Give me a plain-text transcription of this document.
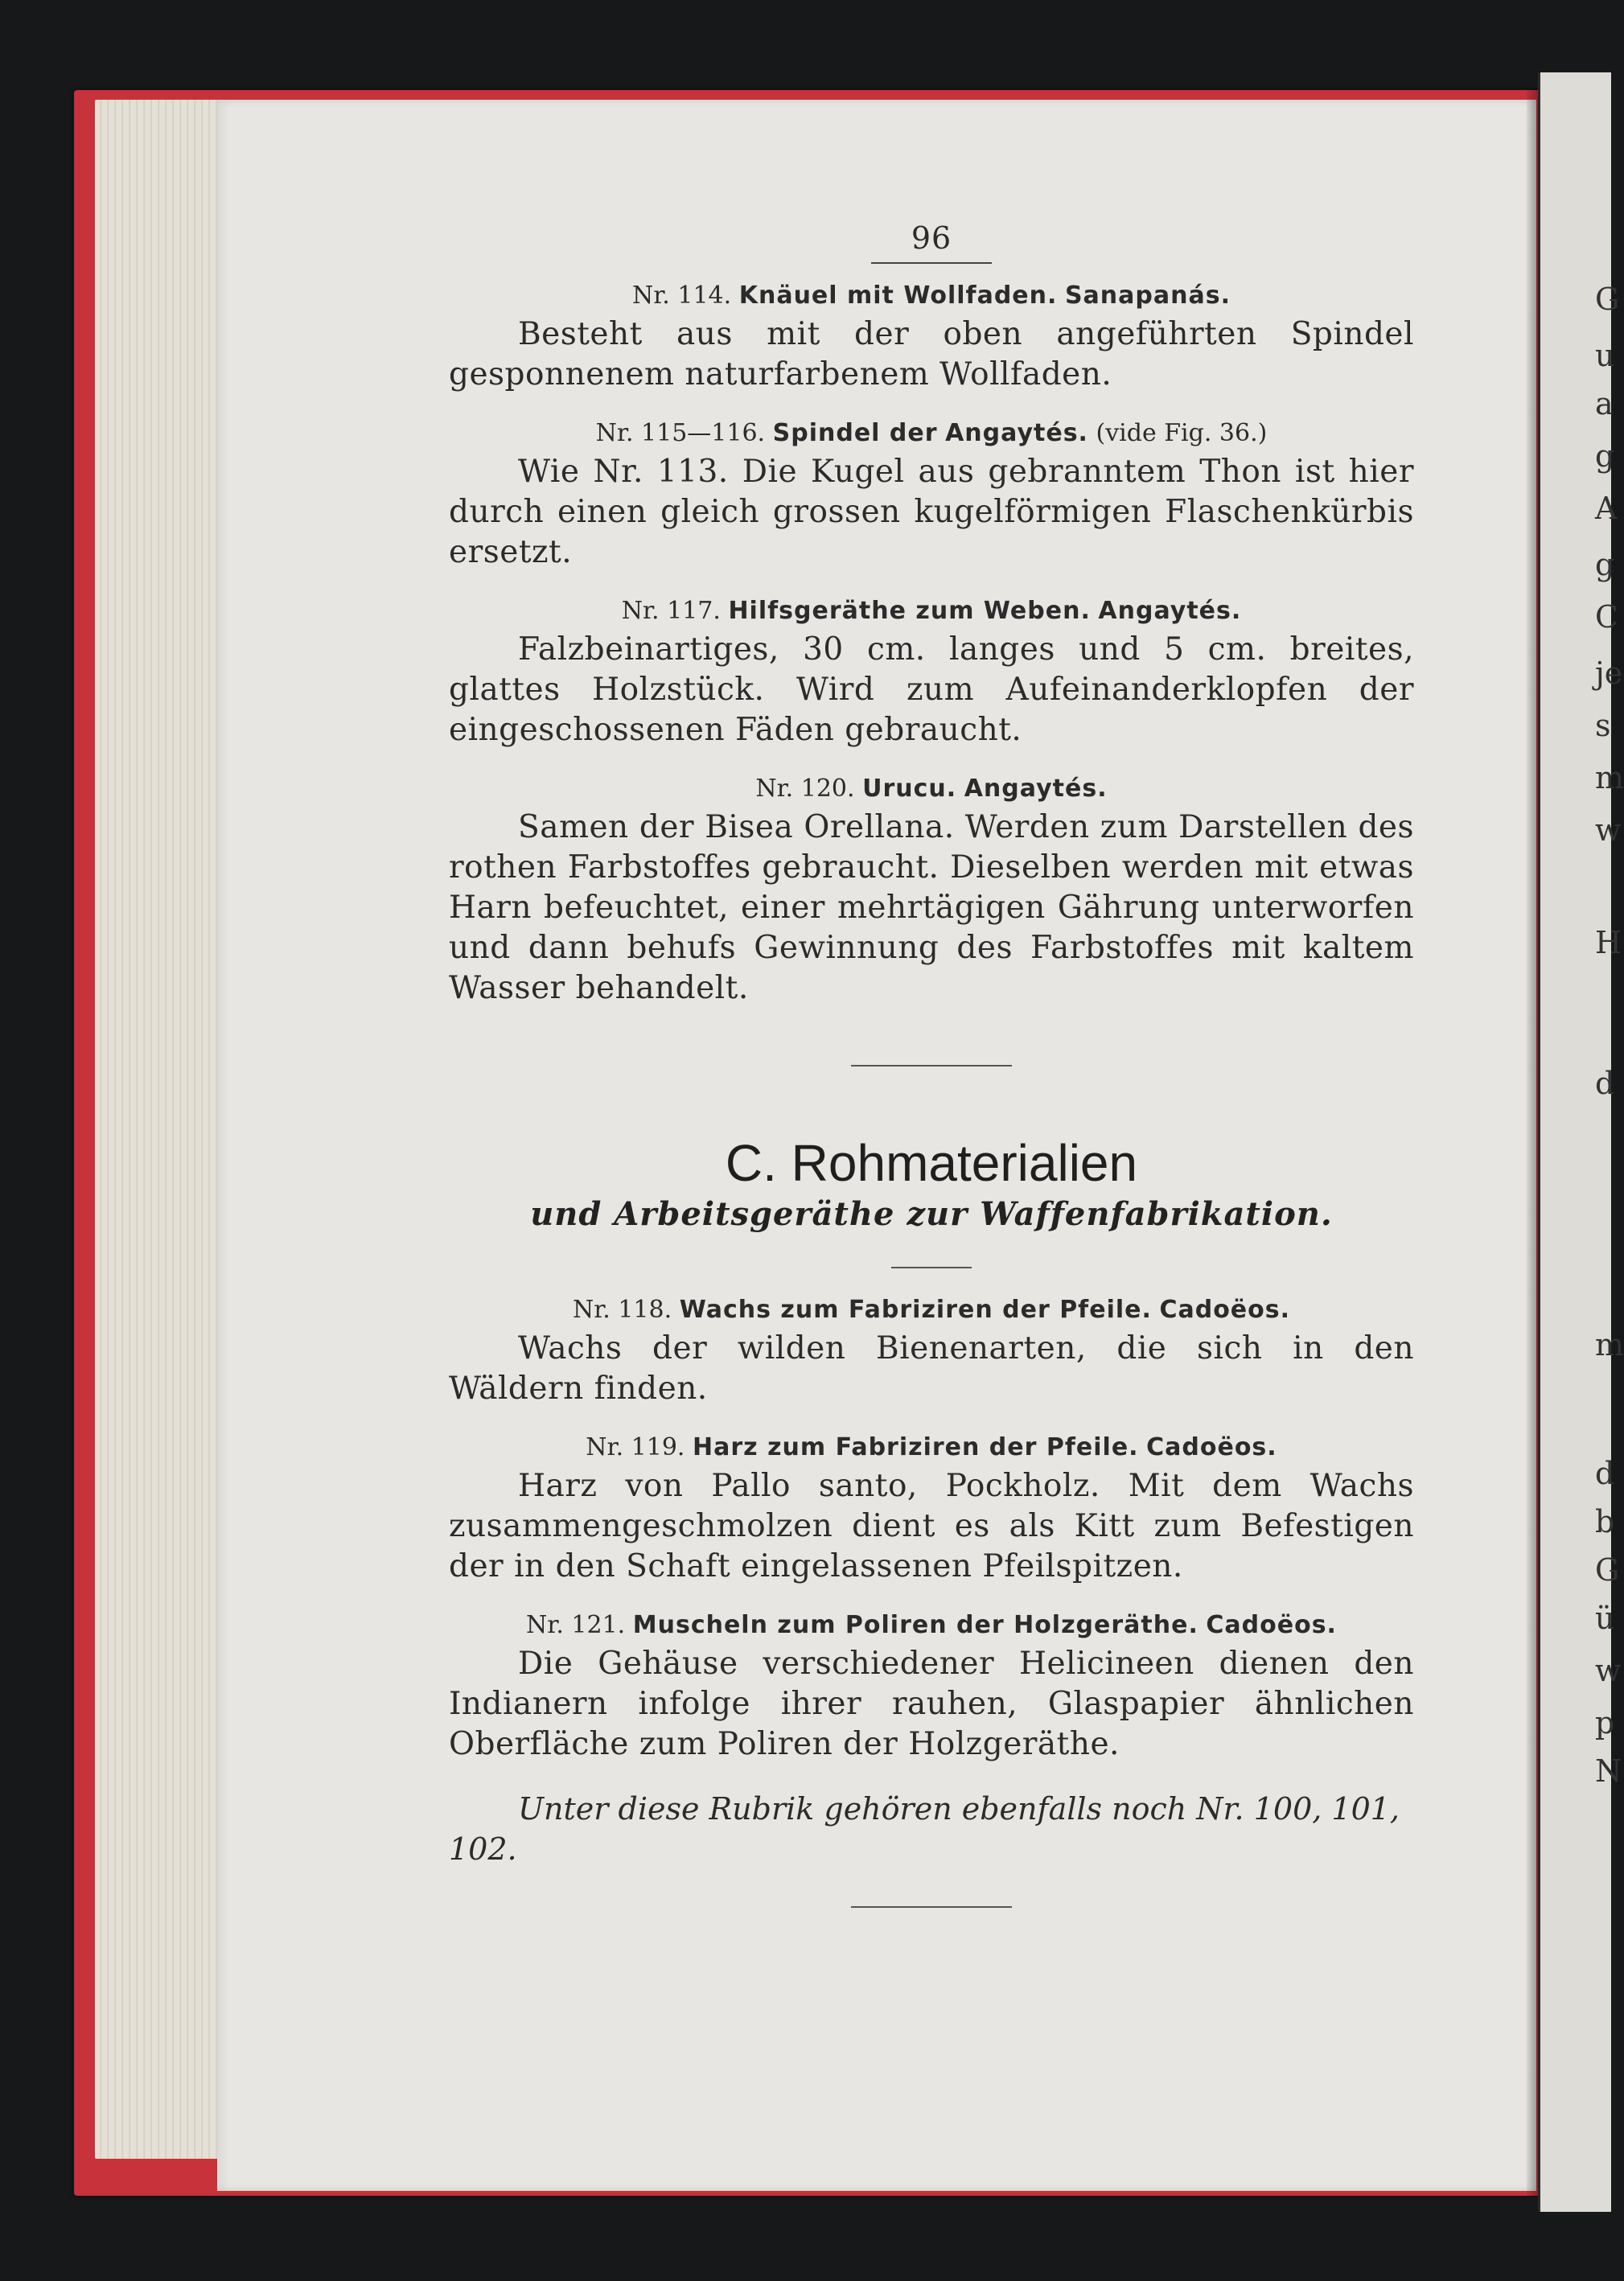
G
u
a
g
A
g
C
je
s
m
w
H
d
m
d
b
G
ü
w
p
N
96
Nr. 114. Knäuel mit Wollfaden. Sanapanás.

Besteht aus mit der oben angeführten Spindel gesponnenem naturfarbenem Wollfaden.

Nr. 115—116. Spindel der Angaytés. (vide Fig. 36.)

Wie Nr. 113. Die Kugel aus gebranntem Thon ist hier durch einen gleich grossen kugelförmigen Flaschenkürbis ersetzt.

Nr. 117. Hilfsgeräthe zum Weben. Angaytés.

Falzbeinartiges, 30 cm. langes und 5 cm. breites, glattes Holzstück. Wird zum Aufeinanderklopfen der eingeschossenen Fäden gebraucht.

Nr. 120. Urucu. Angaytés.

Samen der Bisea Orellana. Werden zum Darstellen des rothen Farbstoffes gebraucht. Dieselben werden mit etwas Harn befeuchtet, einer mehrtägigen Gährung unterworfen und dann behufs Gewinnung des Farbstoffes mit kaltem Wasser behandelt.

C. Rohmaterialien
und Arbeitsgeräthe zur Waffenfabrikation.
Nr. 118. Wachs zum Fabriziren der Pfeile. Cadoëos.

Wachs der wilden Bienenarten, die sich in den Wäldern finden.

Nr. 119. Harz zum Fabriziren der Pfeile. Cadoëos.

Harz von Pallo santo, Pockholz. Mit dem Wachs zusammengeschmolzen dient es als Kitt zum Befestigen der in den Schaft eingelassenen Pfeilspitzen.

Nr. 121. Muscheln zum Poliren der Holzgeräthe. Cadoëos.

Die Gehäuse verschiedener Helicineen dienen den Indianern infolge ihrer rauhen, Glaspapier ähnlichen Oberfläche zum Poliren der Holzgeräthe.

Unter diese Rubrik gehören ebenfalls noch Nr. 100, 101, 102.
